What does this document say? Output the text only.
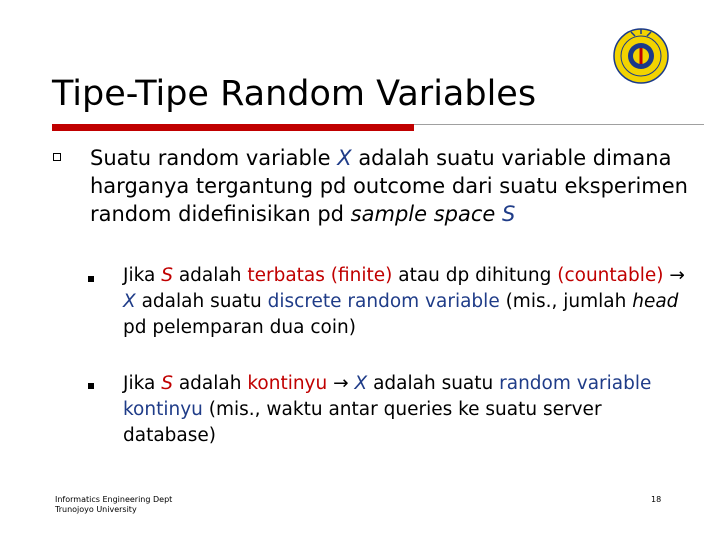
Tipe-Tipe Random Variables
Suatu random variable X adalah suatu variable dimana harganya tergantung pd outcome dari suatu eksperimen random didefinisikan pd sample space S
Jika S adalah terbatas (finite) atau dp dihitung (countable) → X adalah suatu discrete random variable (mis., jumlah head pd pelemparan dua coin)
Jika S adalah kontinyu → X adalah suatu random variable kontinyu (mis., waktu antar queries ke suatu server database)
Informatics Engineering Dept
Trunojoyo University
18
